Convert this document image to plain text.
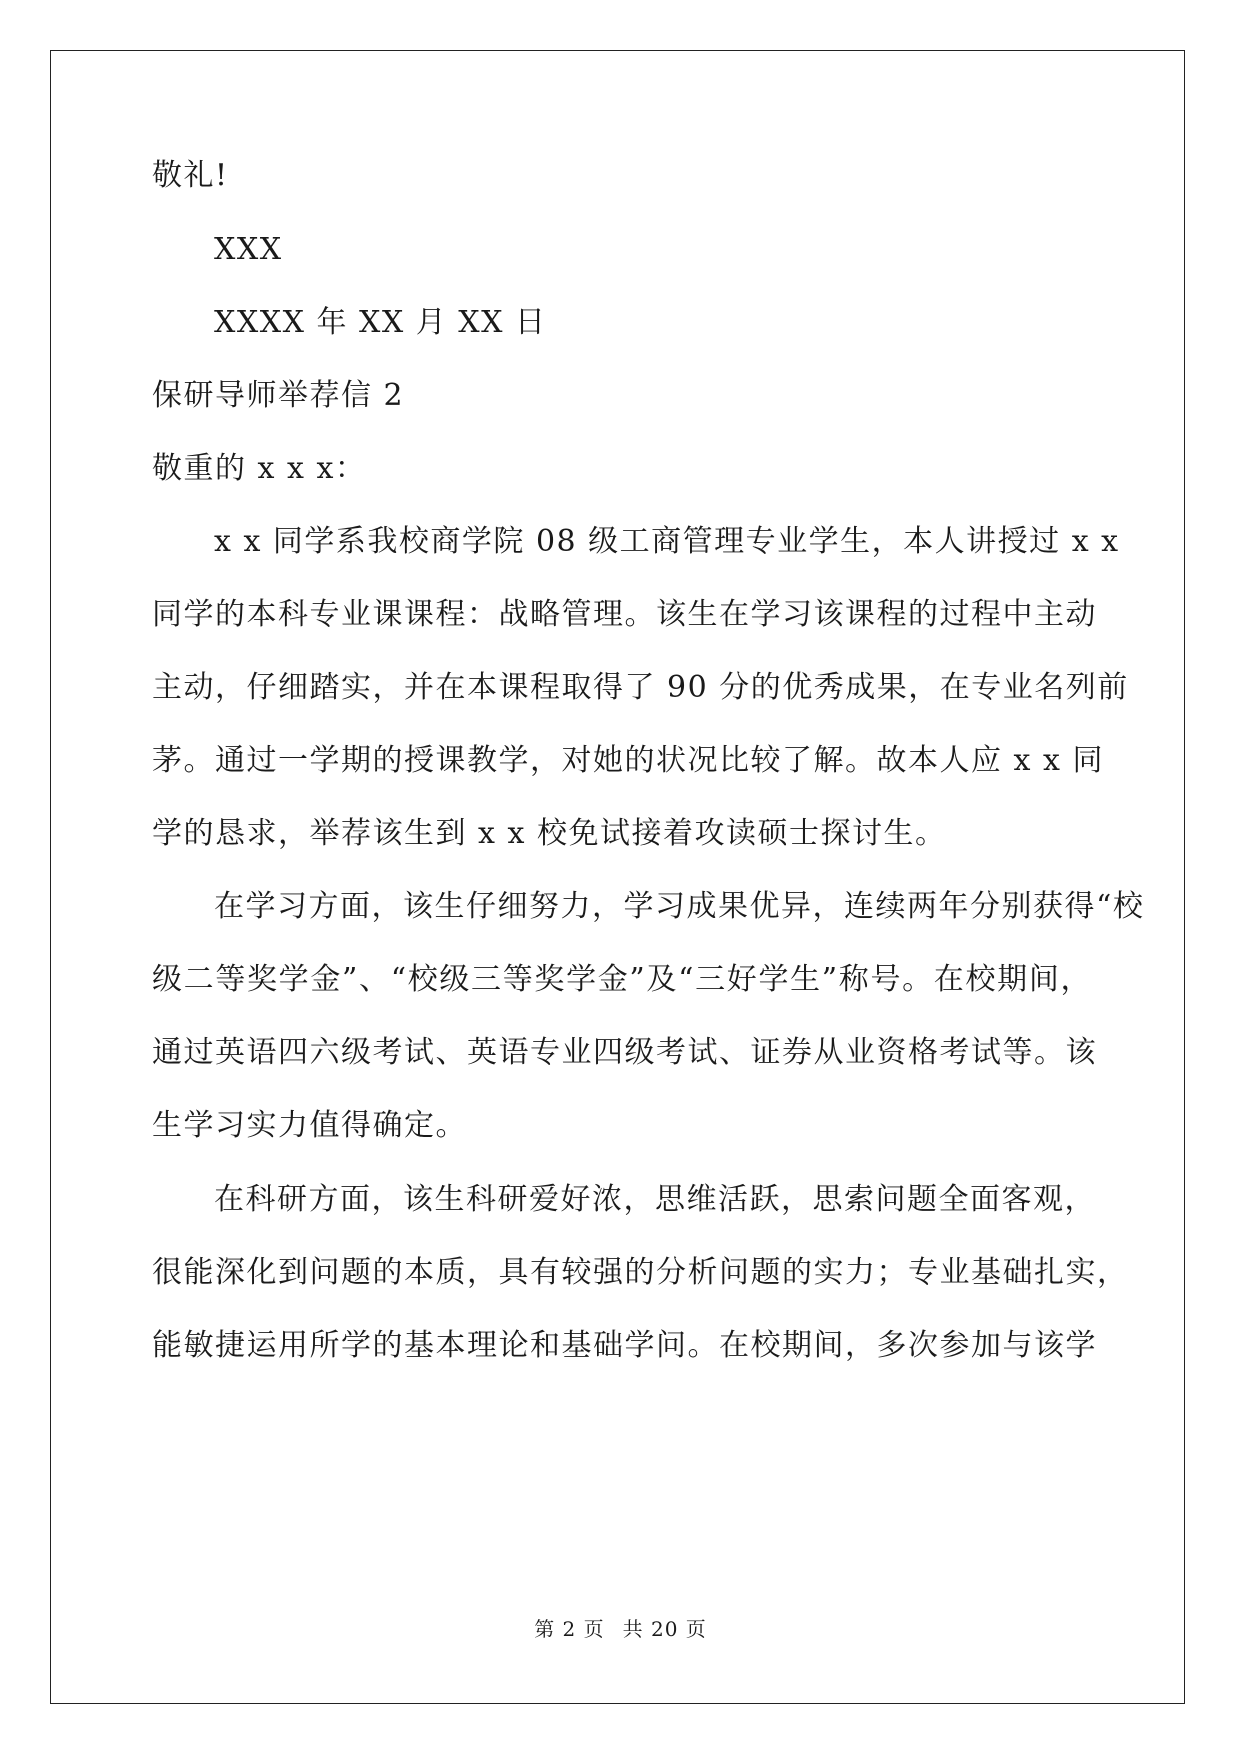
敬礼!
XXX
XXXX 年 XX 月 XX 日
保研导师举荐信 2
敬重的 x x x：
x x 同学系我校商学院 08 级工商管理专业学生，本人讲授过 x x
同学的本科专业课课程：战略管理。该生在学习该课程的过程中主动
主动，仔细踏实，并在本课程取得了 90 分的优秀成果，在专业名列前
茅。通过一学期的授课教学，对她的状况比较了解。故本人应 x x 同
学的恳求，举荐该生到 x x 校免试接着攻读硕士探讨生。
在学习方面，该生仔细努力，学习成果优异，连续两年分别获得“校
级二等奖学金”、“校级三等奖学金”及“三好学生”称号。在校期间，
通过英语四六级考试、英语专业四级考试、证券从业资格考试等。该
生学习实力值得确定。
在科研方面，该生科研爱好浓，思维活跃，思索问题全面客观，
很能深化到问题的本质，具有较强的分析问题的实力；专业基础扎实，
能敏捷运用所学的基本理论和基础学问。在校期间，多次参加与该学
第 2 页 共 20 页
